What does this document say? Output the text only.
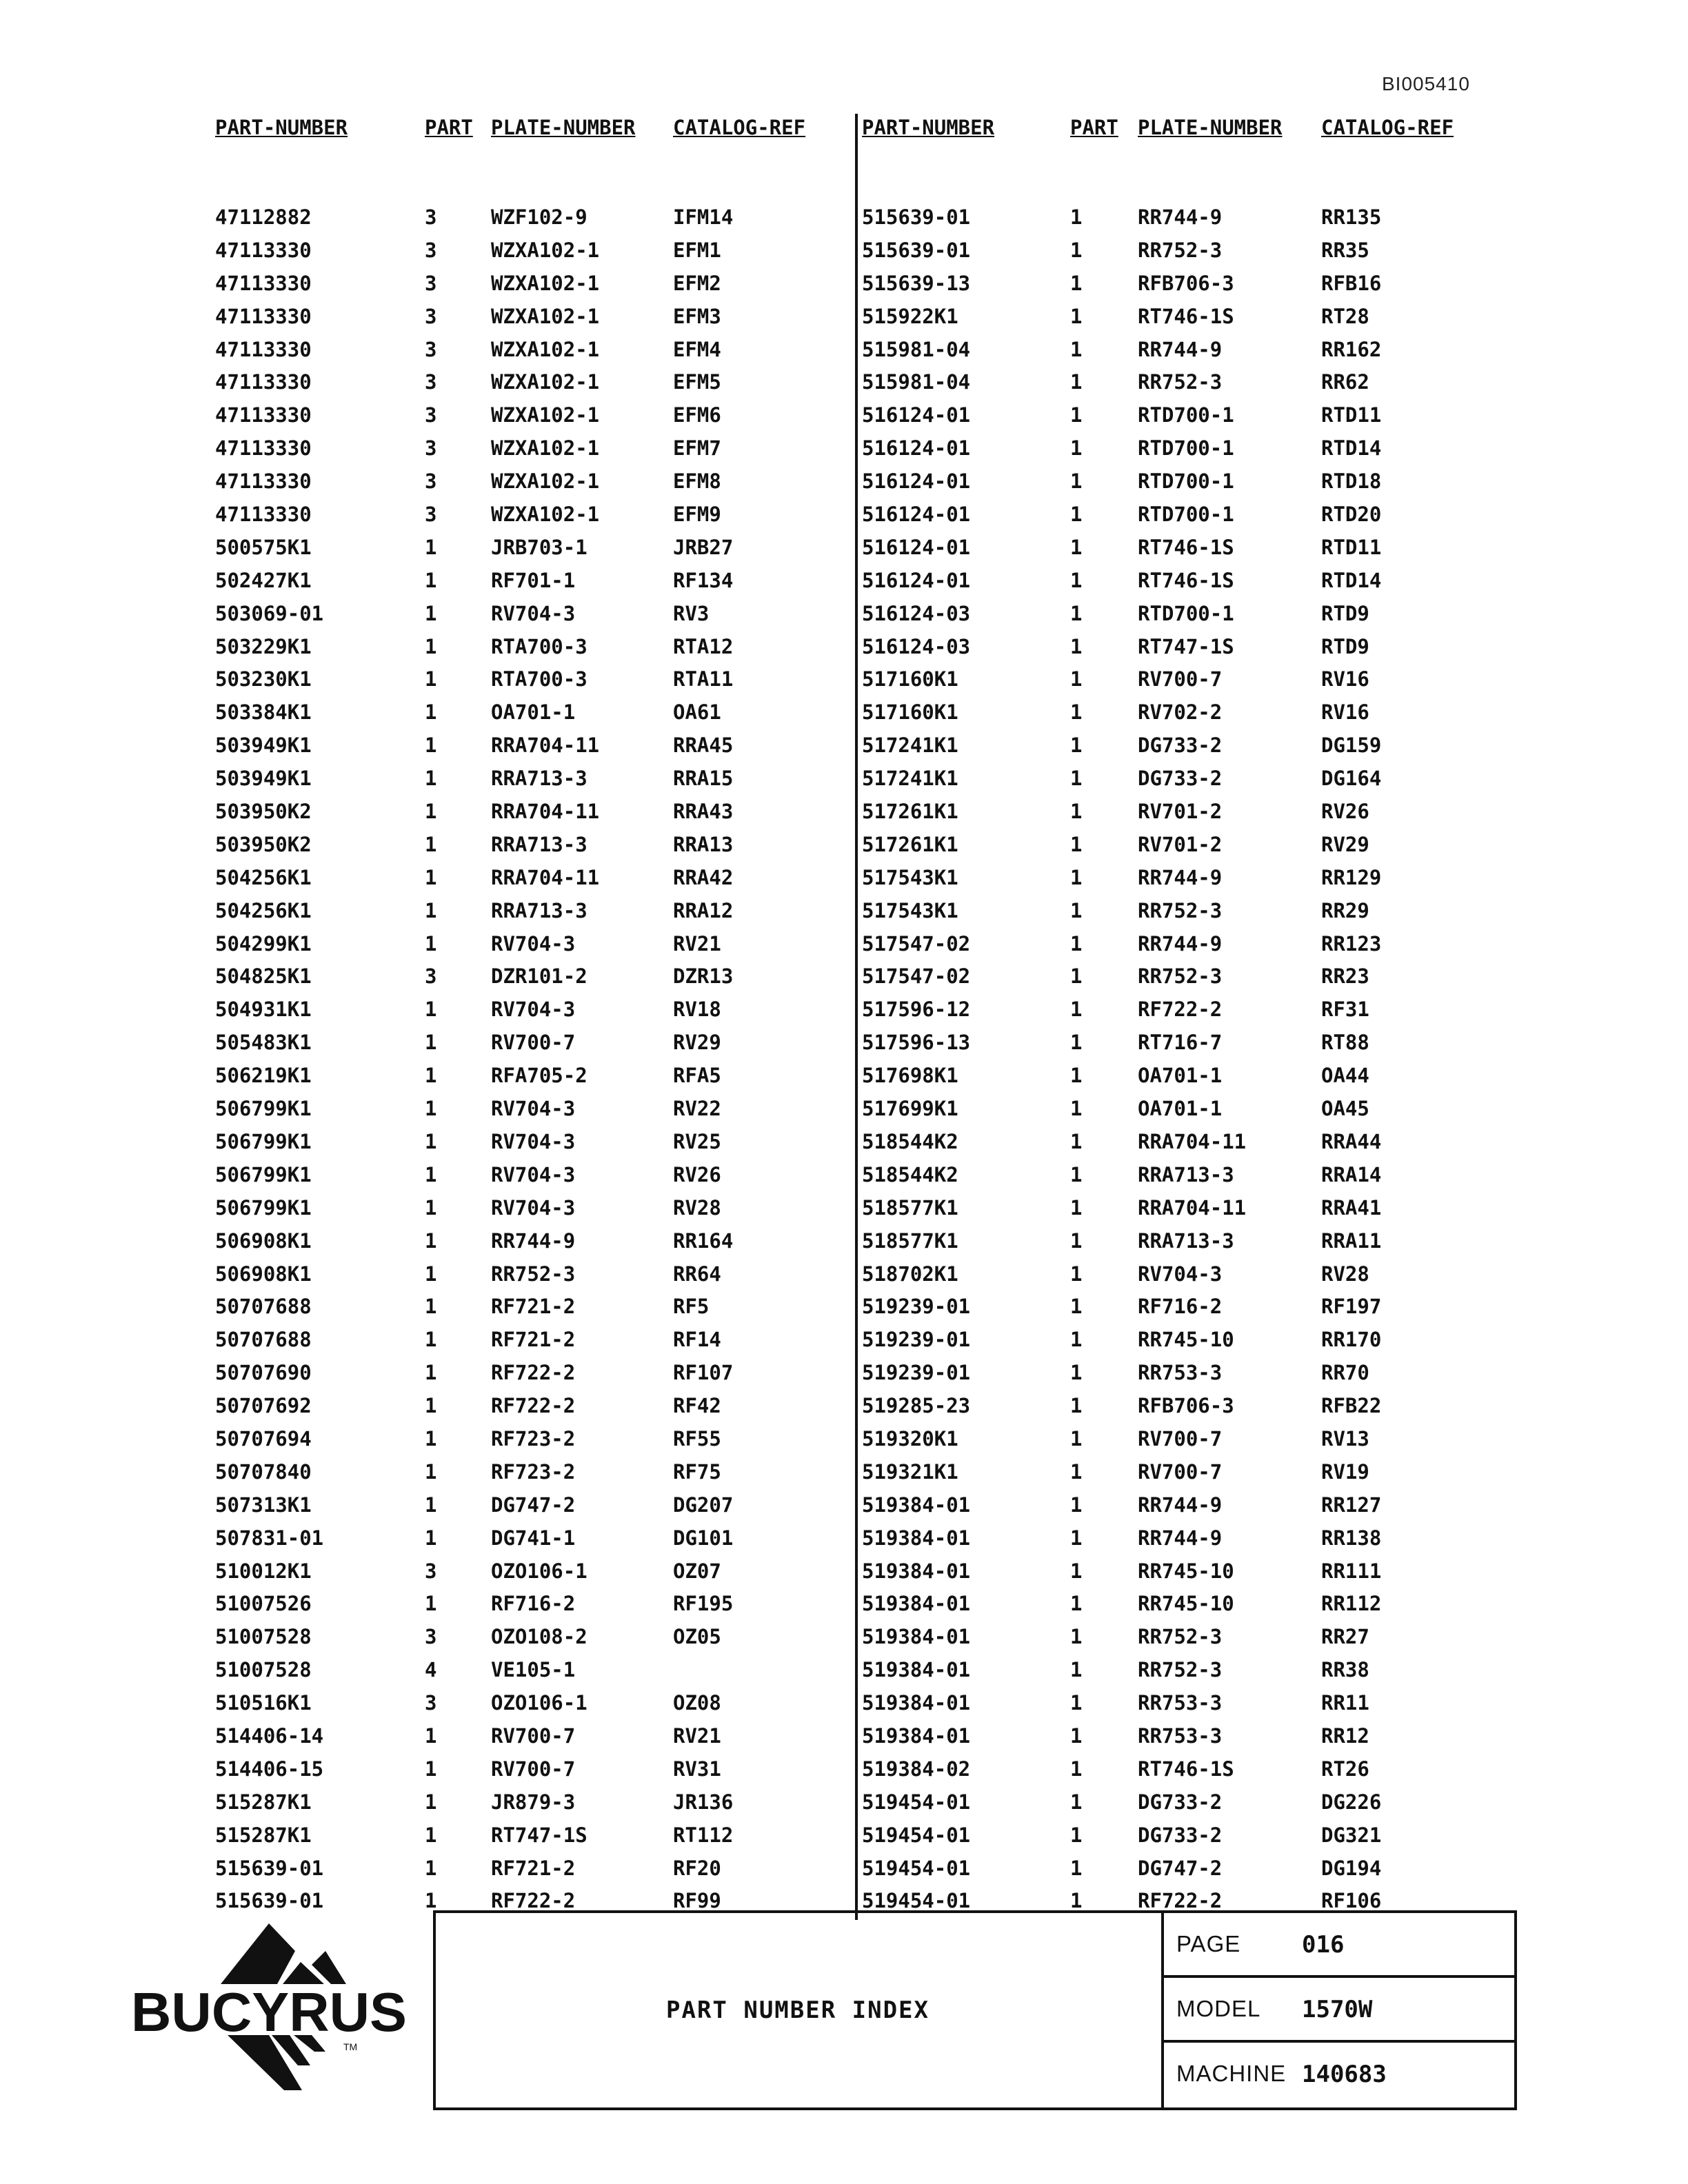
BI005410
PART-NUMBER	PART PLATE-NUMBER CATALOG-REF
47112882	3	WZF102-9	IFM14
47113330	3	WZXA102-1	EFM1
47113330	3	WZXA102-1	EFM2
47113330	3	WZXA102-1	EFM3
47113330	3	WZXA102-1	EFM4
47113330	3	WZXA102-1	EFM5
47113330	3	WZXA102-1	EFM6
47113330	3	WZXA102-1	EFM7
47113330	3	WZXA102-1	EFM8
47113330	3	WZXA102-1	EFM9
500575K1	1	JRB703-1	JRB27
502427K1	1	RF701-1	RF134
503069-01	1	RV704-3	RV3
503229K1	1	RTA700-3	RTA12
503230K1	1	RTA700-3	RTA11
503384K1	1	OA701-1	OA61
503949K1	1	RRA704-11	RRA45
503949K1	1	RRA713-3	RRA15
503950K2	1	RRA704-11	RRA43
503950K2	1	RRA713-3	RRA13
504256K1	1	RRA704-11	RRA42
504256K1	1	RRA713-3	RRA12
504299K1	1	RV704-3	RV21
504825K1	3	DZR101-2	DZR13
504931K1	1	RV704-3	RV18
505483K1	1	RV700-7	RV29
506219K1	1	RFA705-2	RFA5
506799K1	1	RV704-3	RV22
506799K1	1	RV704-3	RV25
506799K1	1	RV704-3	RV26
506799K1	1	RV704-3	RV28
506908K1	1	RR744-9	RR164
506908K1	1	RR752-3	RR64
50707688	1	RF721-2	RF5
50707688	1	RF721-2	RF14
50707690	1	RF722-2	RF107
50707692	1	RF722-2	RF42
50707694	1	RF723-2	RF55
50707840	1	RF723-2	RF75
507313K1	1	DG747-2	DG207
507831-01	1	DG741-1	DG101
510012K1	3	OZO106-1	OZ07
51007526	1	RF716-2	RF195
51007528	3	OZO108-2	OZ05
51007528	4	VE105-1
510516K1	3	OZO106-1	OZ08
514406-14	1	RV700-7	RV21
514406-15	1	RV700-7	RV31
515287K1	1	JR879-3	JR136
515287K1	1	RT747-1S	RT112
515639-01	1	RF721-2	RF20
515639-01	1	RF722-2	RF99
PART-NUMBER	PART PLATE-NUMBER CATALOG-REF
515639-01	1	RR744-9	RR135
515639-01	1	RR752-3	RR35
515639-13	1	RFB706-3	RFB16
515922K1	1	RT746-1S	RT28
515981-04	1	RR744-9	RR162
515981-04	1	RR752-3	RR62
516124-01	1	RTD700-1	RTD11
516124-01	1	RTD700-1	RTD14
516124-01	1	RTD700-1	RTD18
516124-01	1	RTD700-1	RTD20
516124-01	1	RT746-1S	RTD11
516124-01	1	RT746-1S	RTD14
516124-03	1	RTD700-1	RTD9
516124-03	1	RT747-1S	RTD9
517160K1	1	RV700-7	RV16
517160K1	1	RV702-2	RV16
517241K1	1	DG733-2	DG159
517241K1	1	DG733-2	DG164
517261K1	1	RV701-2	RV26
517261K1	1	RV701-2	RV29
517543K1	1	RR744-9	RR129
517543K1	1	RR752-3	RR29
517547-02	1	RR744-9	RR123
517547-02	1	RR752-3	RR23
517596-12	1	RF722-2	RF31
517596-13	1	RT716-7	RT88
517698K1	1	OA701-1	OA44
517699K1	1	OA701-1	OA45
518544K2	1	RRA704-11	RRA44
518544K2	1	RRA713-3	RRA14
518577K1	1	RRA704-11	RRA41
518577K1	1	RRA713-3	RRA11
518702K1	1	RV704-3	RV28
519239-01	1	RF716-2	RF197
519239-01	1	RR745-10	RR170
519239-01	1	RR753-3	RR70
519285-23	1	RFB706-3	RFB22
519320K1	1	RV700-7	RV13
519321K1	1	RV700-7	RV19
519384-01	1	RR744-9	RR127
519384-01	1	RR744-9	RR138
519384-01	1	RR745-10	RR111
519384-01	1	RR745-10	RR112
519384-01	1	RR752-3	RR27
519384-01	1	RR752-3	RR38
519384-01	1	RR753-3	RR11
519384-01	1	RR753-3	RR12
519384-02	1	RT746-1S	RT26
519454-01	1	DG733-2	DG226
519454-01	1	DG733-2	DG321
519454-01	1	DG747-2	DG194
519454-01	1	RF722-2	RF106
BUCYRUS
TM
PART NUMBER INDEX
PAGE	016
MODEL 1570W
MACHINE 140683
